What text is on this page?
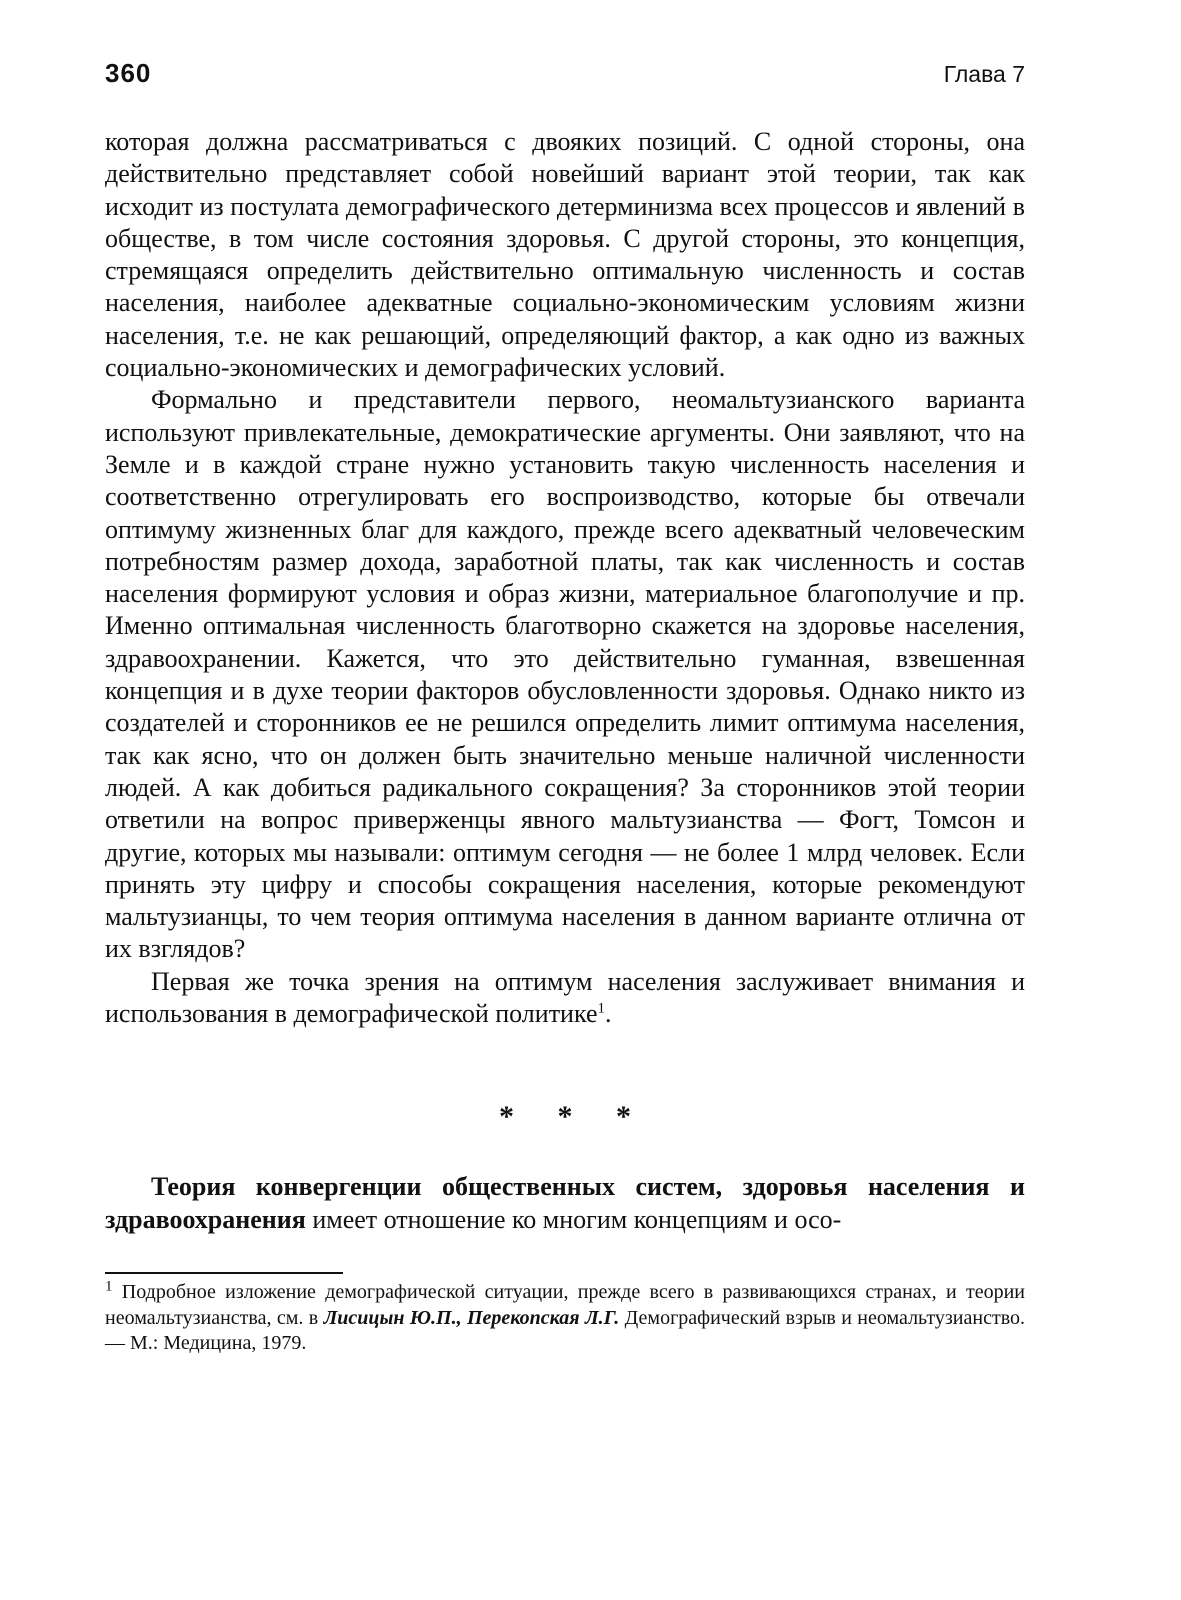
360	Глава 7

которая должна рассматриваться с двояких позиций. С одной стороны, она действительно представляет собой новейший вариант этой теории, так как исходит из постулата демографического детерминизма всех процессов и явлений в обществе, в том числе состояния здоровья. С другой стороны, это концепция, стремящаяся определить действительно оптимальную численность и состав населения, наиболее адекватные социально-экономическим условиям жизни населения, т.е. не как решающий, определяющий фактор, а как одно из важных социально-экономических и демографических условий.

Формально и представители первого, неомальтузианского варианта используют привлекательные, демократические аргументы. Они заявляют, что на Земле и в каждой стране нужно установить такую численность населения и соответственно отрегулировать его воспроизводство, которые бы отвечали оптимуму жизненных благ для каждого, прежде всего адекватный человеческим потребностям размер дохода, заработной платы, так как численность и состав населения формируют условия и образ жизни, материальное благополучие и пр. Именно оптимальная численность благотворно скажется на здоровье населения, здравоохранении. Кажется, что это действительно гуманная, взвешенная концепция и в духе теории факторов обусловленности здоровья. Однако никто из создателей и сторонников ее не решился определить лимит оптимума населения, так как ясно, что он должен быть значительно меньше наличной численности людей. А как добиться радикального сокращения? За сторонников этой теории ответили на вопрос приверженцы явного мальтузианства — Фогт, Томсон и другие, которых мы называли: оптимум сегодня — не более 1 млрд человек. Если принять эту цифру и способы сокращения населения, которые рекомендуют мальтузианцы, то чем теория оптимума населения в данном варианте отлична от их взглядов?

Первая же точка зрения на оптимум населения заслуживает внимания и использования в демографической политике$^1$.

* * *

Теория конвергенции общественных систем, здоровья населения и здравоохранения имеет отношение ко многим концепциям и осо-

$^1$ Подробное изложение демографической ситуации, прежде всего в развивающихся странах, и теории неомальтузианства, см. в Лисицын Ю.П., Перекопская Л.Г. Демографический взрыв и неомальтузианство. — М.: Медицина, 1979.
